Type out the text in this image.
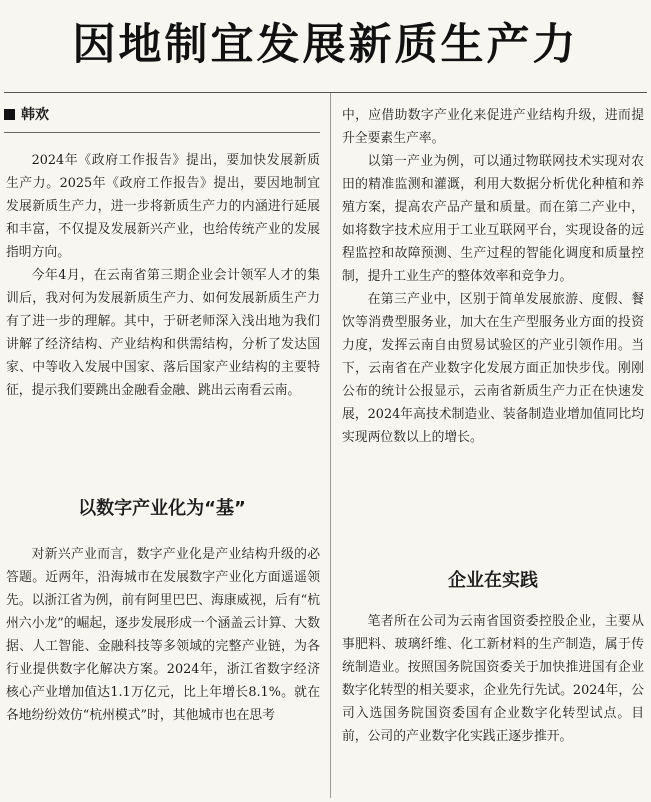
因地制宜发展新质生产力
韩欢

2024年《政府工作报告》提出，要加快发展新质生产力。2025年《政府工作报告》提出，要因地制宜发展新质生产力，进一步将新质生产力的内涵进行延展和丰富，不仅提及发展新兴产业，也给传统产业的发展指明方向。

今年4月，在云南省第三期企业会计领军人才的集训后，我对何为发展新质生产力、如何发展新质生产力有了进一步的理解。其中，于研老师深入浅出地为我们讲解了经济结构、产业结构和供需结构，分析了发达国家、中等收入发展中国家、落后国家产业结构的主要特征，提示我们要跳出金融看金融、跳出云南看云南。

以数字产业化为“基”

对新兴产业而言，数字产业化是产业结构升级的必答题。近两年，沿海城市在发展数字产业化方面遥遥领先。以浙江省为例，前有阿里巴巴、海康威视，后有“杭州六小龙”的崛起，逐步发展形成一个涵盖云计算、大数据、人工智能、金融科技等多领域的完整产业链，为各行业提供数字化解决方案。2024年，浙江省数字经济核心产业增加值达1.1万亿元，比上年增长8.1%。就在各地纷纷效仿“杭州模式”时，其他城市也在思考

中，应借助数字产业化来促进产业结构升级，进而提升全要素生产率。

以第一产业为例，可以通过物联网技术实现对农田的精准监测和灌溉，利用大数据分析优化种植和养殖方案，提高农产品产量和质量。而在第二产业中，如将数字技术应用于工业互联网平台，实现设备的远程监控和故障预测、生产过程的智能化调度和质量控制，提升工业生产的整体效率和竞争力。

在第三产业中，区别于简单发展旅游、度假、餐饮等消费型服务业，加大在生产型服务业方面的投资力度，发挥云南自由贸易试验区的产业引领作用。当下，云南省在产业数字化发展方面正加快步伐。刚刚公布的统计公报显示，云南省新质生产力正在快速发展，2024年高技术制造业、装备制造业增加值同比均实现两位数以上的增长。

企业在实践

笔者所在公司为云南省国资委控股企业，主要从事肥料、玻璃纤维、化工新材料的生产制造，属于传统制造业。按照国务院国资委关于加快推进国有企业数字化转型的相关要求，企业先行先试。2024年，公司入选国务院国资委国有企业数字化转型试点。目前，公司的产业数字化实践正逐步推开。
